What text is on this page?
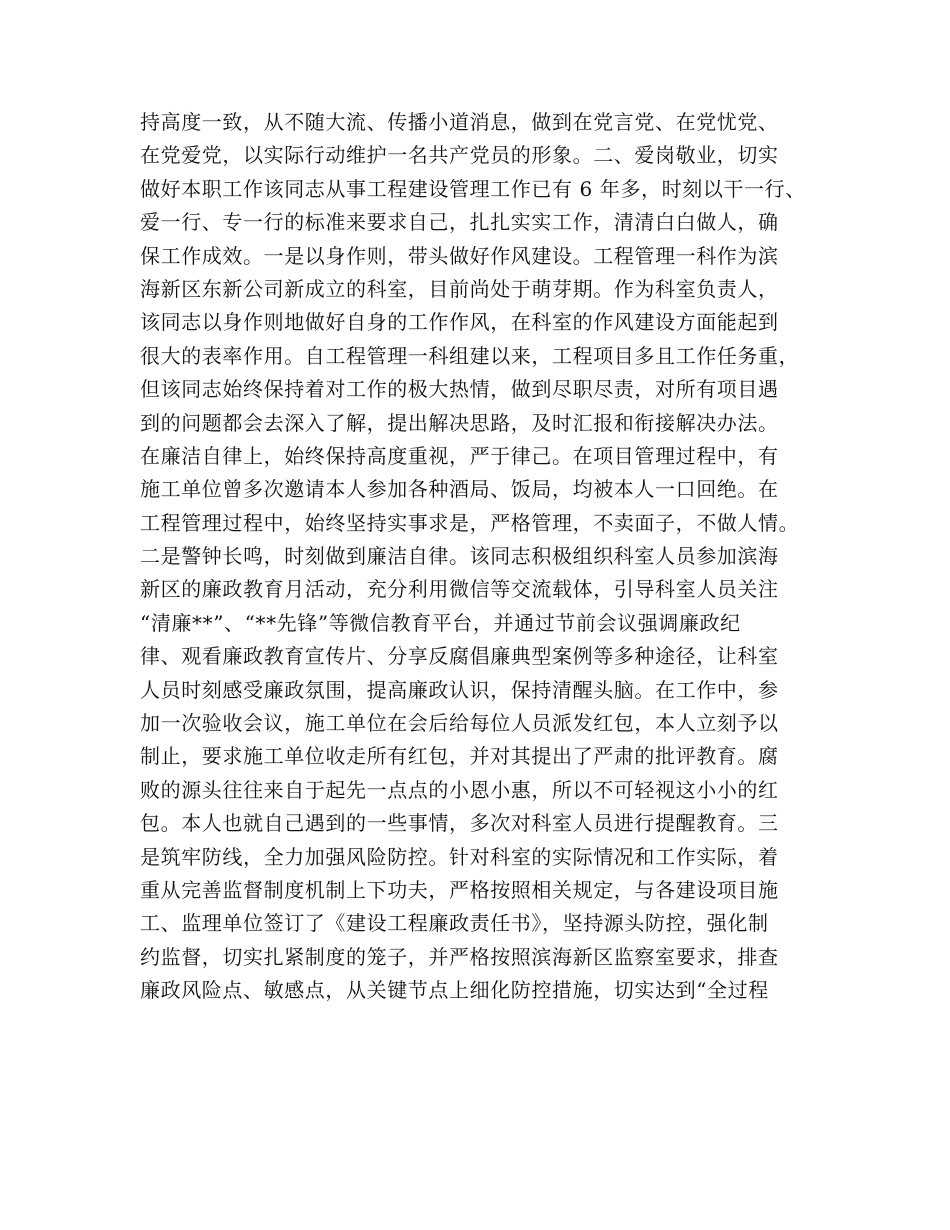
持高度一致，从不随大流、传播小道消息，做到在党言党、在党忧党、
在党爱党，以实际行动维护一名共产党员的形象。二、爱岗敬业，切实
做好本职工作该同志从事工程建设管理工作已有 6 年多，时刻以干一行、
爱一行、专一行的标准来要求自己，扎扎实实工作，清清白白做人，确
保工作成效。一是以身作则，带头做好作风建设。工程管理一科作为滨
海新区东新公司新成立的科室，目前尚处于萌芽期。作为科室负责人，
该同志以身作则地做好自身的工作作风，在科室的作风建设方面能起到
很大的表率作用。自工程管理一科组建以来，工程项目多且工作任务重，
但该同志始终保持着对工作的极大热情，做到尽职尽责，对所有项目遇
到的问题都会去深入了解，提出解决思路，及时汇报和衔接解决办法。
在廉洁自律上，始终保持高度重视，严于律己。在项目管理过程中，有
施工单位曾多次邀请本人参加各种酒局、饭局，均被本人一口回绝。在
工程管理过程中，始终坚持实事求是，严格管理，不卖面子，不做人情。
二是警钟长鸣，时刻做到廉洁自律。该同志积极组织科室人员参加滨海
新区的廉政教育月活动，充分利用微信等交流载体，引导科室人员关注
“清廉**”、“**先锋”等微信教育平台，并通过节前会议强调廉政纪
律、观看廉政教育宣传片、分享反腐倡廉典型案例等多种途径，让科室
人员时刻感受廉政氛围，提高廉政认识，保持清醒头脑。在工作中，参
加一次验收会议，施工单位在会后给每位人员派发红包，本人立刻予以
制止，要求施工单位收走所有红包，并对其提出了严肃的批评教育。腐
败的源头往往来自于起先一点点的小恩小惠，所以不可轻视这小小的红
包。本人也就自己遇到的一些事情，多次对科室人员进行提醒教育。三
是筑牢防线，全力加强风险防控。针对科室的实际情况和工作实际，着
重从完善监督制度机制上下功夫，严格按照相关规定，与各建设项目施
工、监理单位签订了《建设工程廉政责任书》，坚持源头防控，强化制
约监督，切实扎紧制度的笼子，并严格按照滨海新区监察室要求，排查
廉政风险点、敏感点，从关键节点上细化防控措施，切实达到“全过程
